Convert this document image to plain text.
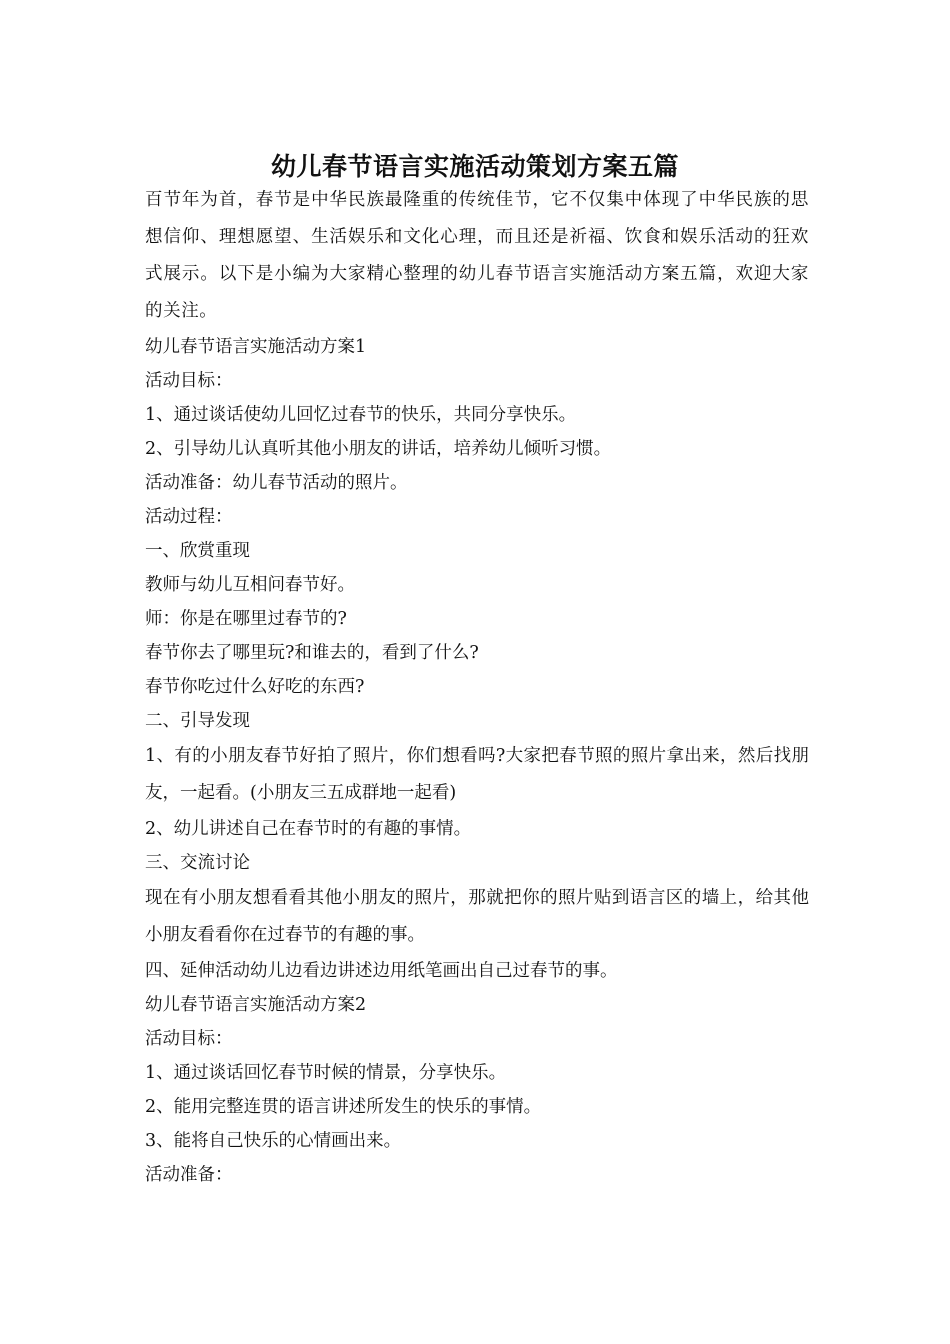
幼儿春节语言实施活动策划方案五篇

百节年为首，春节是中华民族最隆重的传统佳节，它不仅集中体现了中华民族的思想信仰、理想愿望、生活娱乐和文化心理，而且还是祈福、饮食和娱乐活动的狂欢式展示。以下是小编为大家精心整理的幼儿春节语言实施活动方案五篇，欢迎大家的关注。

幼儿春节语言实施活动方案1

活动目标：

1、通过谈话使幼儿回忆过春节的快乐，共同分享快乐。

2、引导幼儿认真听其他小朋友的讲话，培养幼儿倾听习惯。

活动准备：幼儿春节活动的照片。

活动过程：

一、欣赏重现

教师与幼儿互相问春节好。

师：你是在哪里过春节的?

春节你去了哪里玩?和谁去的，看到了什么?

春节你吃过什么好吃的东西?

二、引导发现

1、有的小朋友春节好拍了照片，你们想看吗?大家把春节照的照片拿出来，然后找朋友，一起看。(小朋友三五成群地一起看)

2、幼儿讲述自己在春节时的有趣的事情。

三、交流讨论

现在有小朋友想看看其他小朋友的照片，那就把你的照片贴到语言区的墙上，给其他小朋友看看你在过春节的有趣的事。

四、延伸活动幼儿边看边讲述边用纸笔画出自己过春节的事。

幼儿春节语言实施活动方案2

活动目标：

1、通过谈话回忆春节时候的情景，分享快乐。

2、能用完整连贯的语言讲述所发生的快乐的事情。

3、能将自己快乐的心情画出来。

活动准备：
